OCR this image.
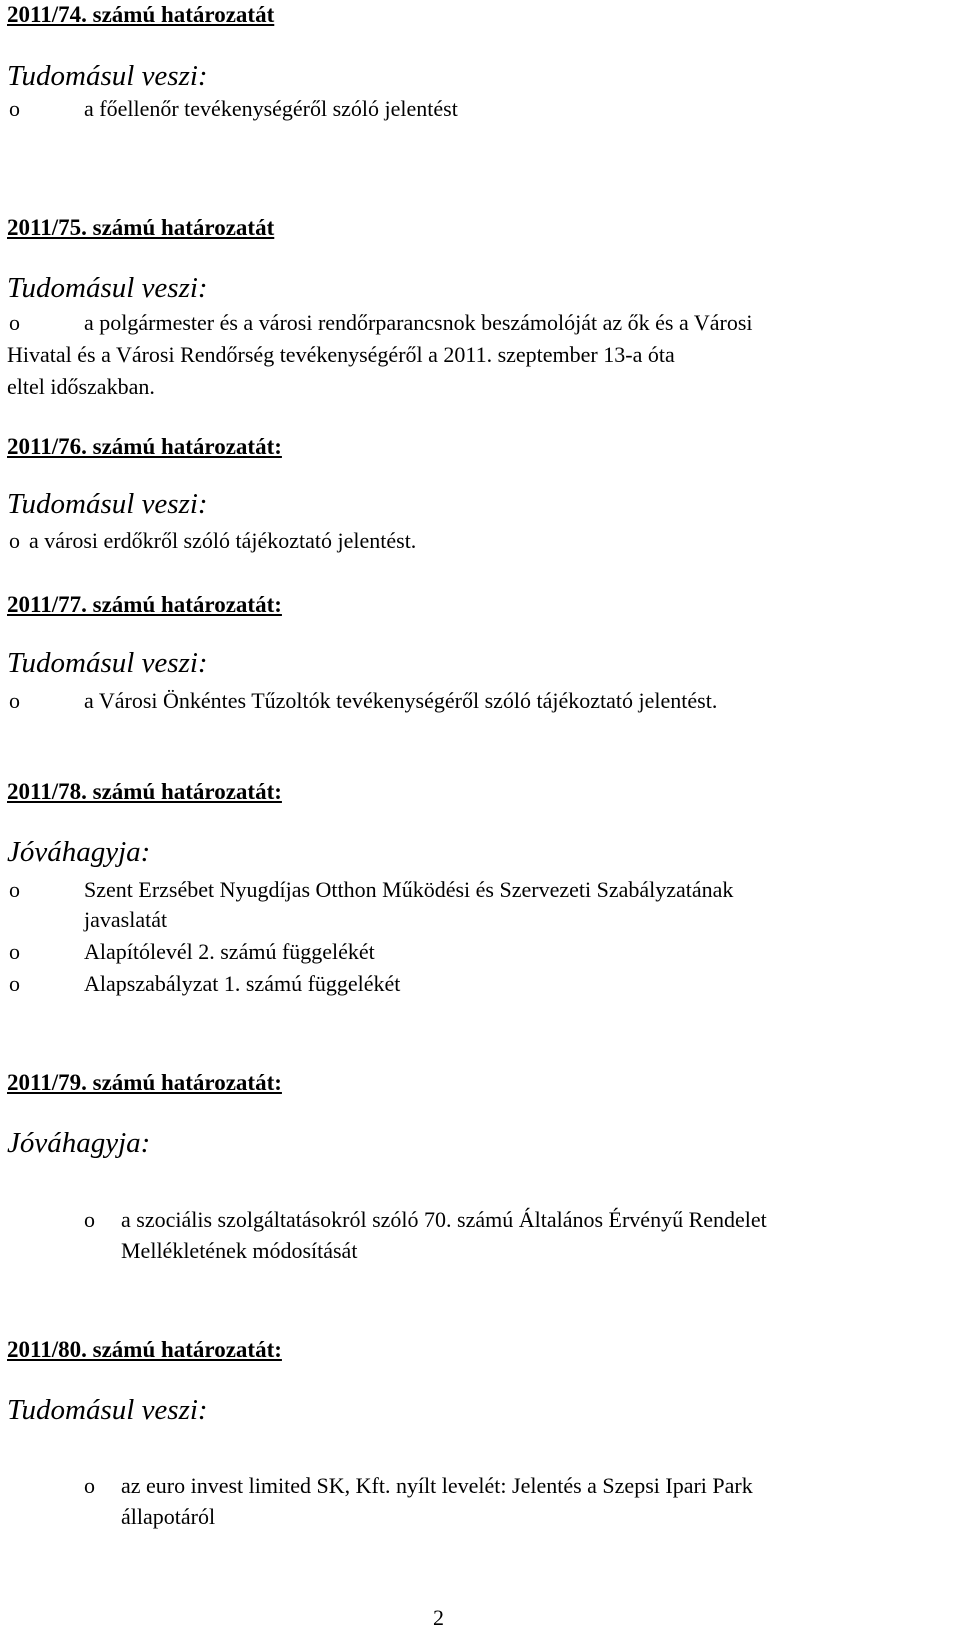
2011/74. számú határozatát
Tudomásul veszi:
o	a főellenőr tevékenységéről szóló jelentést
2011/75. számú határozatát
Tudomásul veszi:
o	a polgármester és a városi rendőrparancsnok beszámolóját az ők és a Városi
Hivatal és a Városi Rendőrség tevékenységéről a 2011. szeptember 13-a óta
eltel időszakban.
2011/76. számú határozatát:
Tudomásul veszi:
o a városi erdőkről szóló tájékoztató jelentést.
2011/77. számú határozatát:
Tudomásul veszi:
o	a Városi Önkéntes Tűzoltók tevékenységéről szóló tájékoztató jelentést.
2011/78. számú határozatát:
Jóváhagyja:
o	Szent Erzsébet Nyugdíjas Otthon Működési és Szervezeti Szabályzatának
javaslatát
o	Alapítólevél 2. számú függelékét
o	Alapszabályzat 1. számú függelékét
2011/79. számú határozatát:
Jóváhagyja:
o a szociális szolgáltatásokról szóló 70. számú Általános Érvényű Rendelet
Mellékletének módosítását
2011/80. számú határozatát:
Tudomásul veszi:
o az euro invest limited SK, Kft. nyílt levelét: Jelentés a Szepsi Ipari Park
állapotáról
2
